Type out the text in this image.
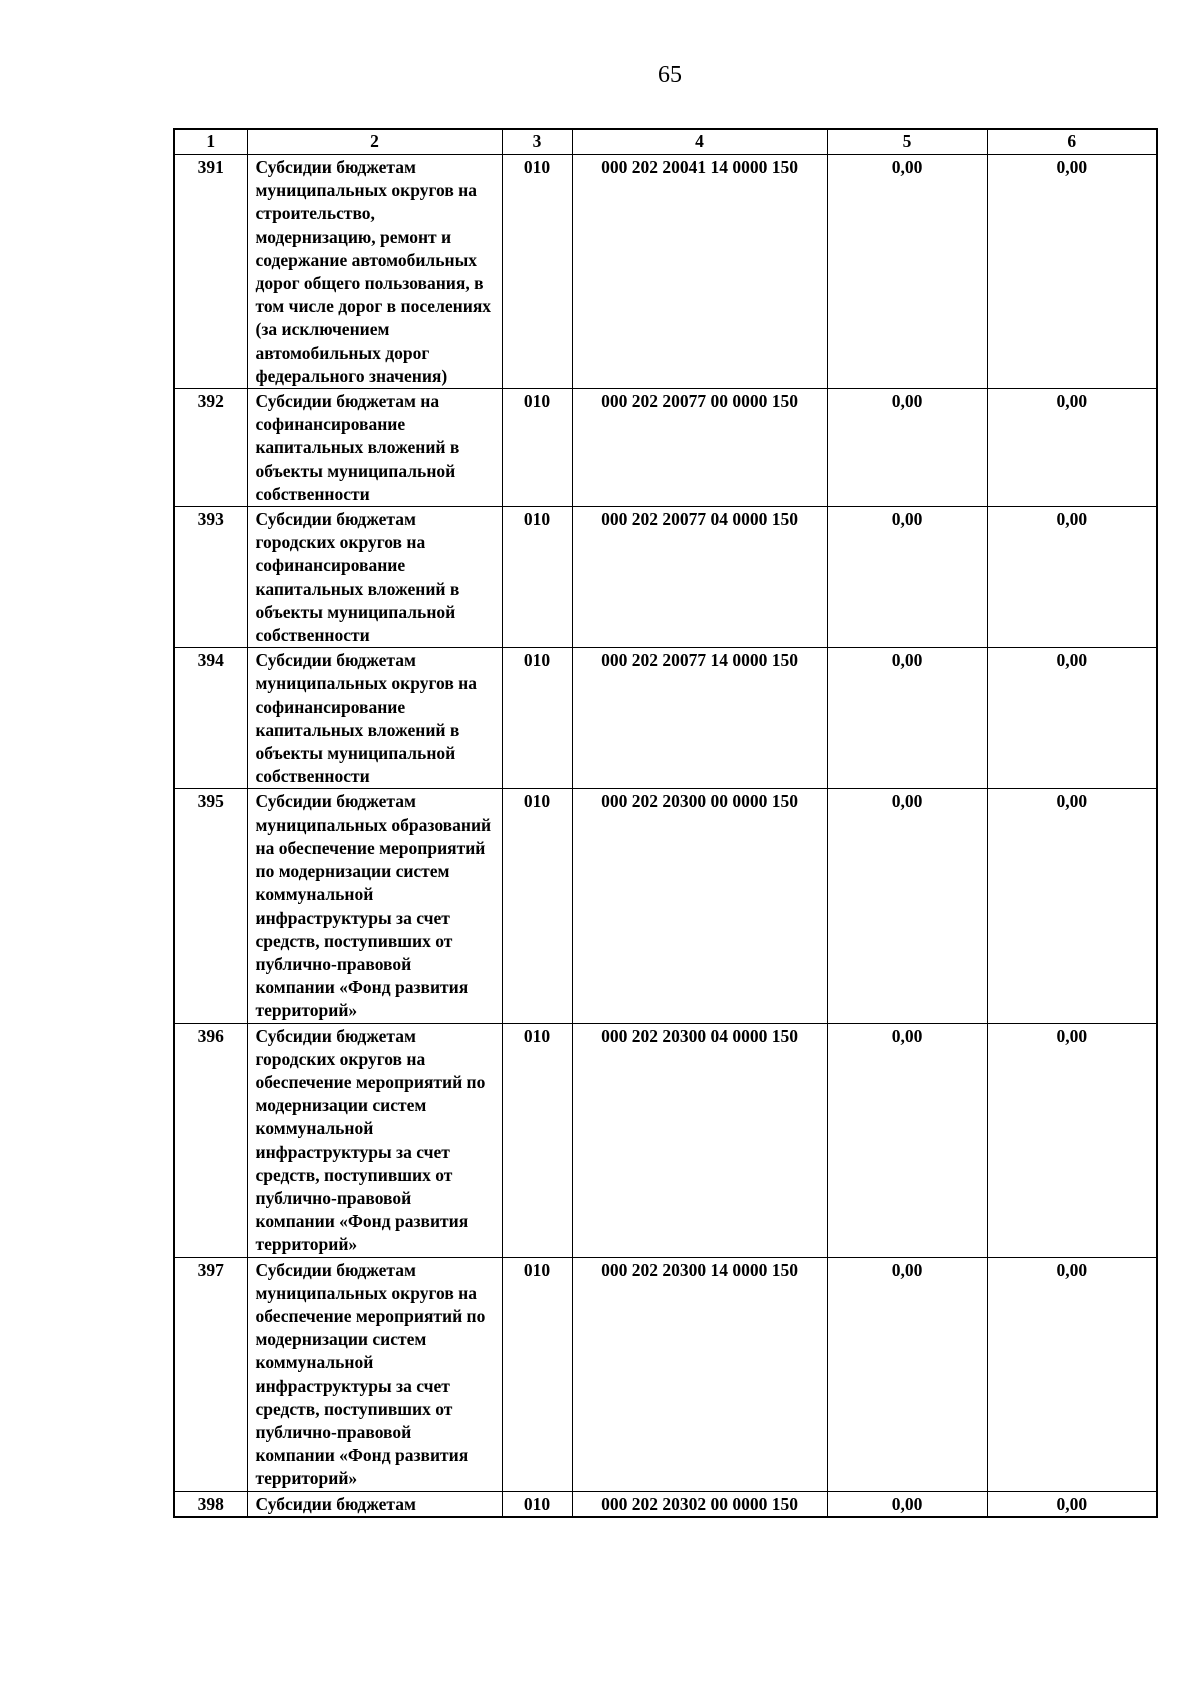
65
1	2	3	4	5	6
391	Субсидии бюджетам муниципальных округов на строительство, модернизацию, ремонт и содержание автомобильных дорог общего пользования, в том числе дорог в поселениях (за исключением автомобильных дорог федерального значения)	010	000 202 20041 14 0000 150	0,00	0,00
392	Субсидии бюджетам на софинансирование капитальных вложений в объекты муниципальной собственности	010	000 202 20077 00 0000 150	0,00	0,00
393	Субсидии бюджетам городских округов на софинансирование капитальных вложений в объекты муниципальной собственности	010	000 202 20077 04 0000 150	0,00	0,00
394	Субсидии бюджетам муниципальных округов на софинансирование капитальных вложений в объекты муниципальной собственности	010	000 202 20077 14 0000 150	0,00	0,00
395	Субсидии бюджетам муниципальных образований на обеспечение мероприятий по модернизации систем коммунальной инфраструктуры за счет средств, поступивших от публично-правовой компании «Фонд развития территорий»	010	000 202 20300 00 0000 150	0,00	0,00
396	Субсидии бюджетам городских округов на обеспечение мероприятий по модернизации систем коммунальной инфраструктуры за счет средств, поступивших от публично-правовой компании «Фонд развития территорий»	010	000 202 20300 04 0000 150	0,00	0,00
397	Субсидии бюджетам муниципальных округов на обеспечение мероприятий по модернизации систем коммунальной инфраструктуры за счет средств, поступивших от публично-правовой компании «Фонд развития территорий»	010	000 202 20300 14 0000 150	0,00	0,00
398	Субсидии бюджетам	010	000 202 20302 00 0000 150	0,00	0,00
